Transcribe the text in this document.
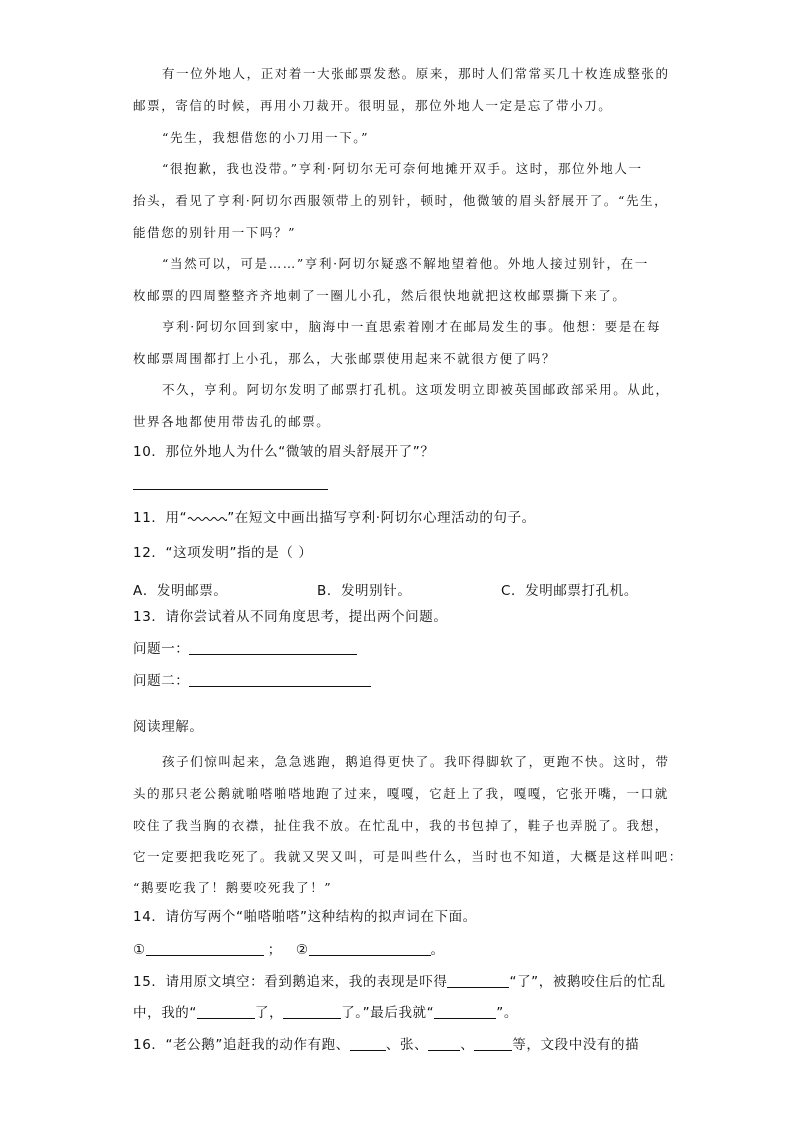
有一位外地人，正对着一大张邮票发愁。原来，那时人们常常买几十枚连成整张的
邮票，寄信的时候，再用小刀裁开。很明显，那位外地人一定是忘了带小刀。
“先生，我想借您的小刀用一下。”
“很抱歉，我也没带。”亨利·阿切尔无可奈何地摊开双手。这时，那位外地人一
抬头，看见了亨利·阿切尔西服领带上的别针，顿时，他微皱的眉头舒展开了。“先生，
能借您的别针用一下吗？”
“当然可以，可是……”亨利·阿切尔疑惑不解地望着他。外地人接过别针，在一
枚邮票的四周整整齐齐地刺了一圈儿小孔，然后很快地就把这枚邮票撕下来了。
亨利·阿切尔回到家中，脑海中一直思索着刚才在邮局发生的事。他想：要是在每
枚邮票周围都打上小孔，那么，大张邮票使用起来不就很方便了吗？
不久，亨利。阿切尔发明了邮票打孔机。这项发明立即被英国邮政部采用。从此，
世界各地都使用带齿孔的邮票。
10．那位外地人为什么“微皱的眉头舒展开了”？
11．用“	”在短文中画出描写亨利·阿切尔心理活动的句子。
12．“这项发明”指的是（ ）
A．发明邮票。	B．发明别针。	C．发明邮票打孔机。
13．请你尝试着从不同角度思考，提出两个问题。
问题一：
问题二：
阅读理解。
孩子们惊叫起来，急急逃跑，鹅追得更快了。我吓得脚软了，更跑不快。这时，带
头的那只老公鹅就啪嗒啪嗒地跑了过来，嘎嘎，它赶上了我，嘎嘎，它张开嘴，一口就
咬住了我当胸的衣襟，扯住我不放。在忙乱中，我的书包掉了，鞋子也弄脱了。我想，
它一定要把我吃死了。我就又哭又叫，可是叫些什么，当时也不知道，大概是这样叫吧：
“鹅要吃我了！鹅要咬死我了！”
14．请仿写两个“啪嗒啪嗒”这种结构的拟声词在下面。
①	； ②	。
15．请用原文填空：看到鹅追来，我的表现是吓得	“了”，被鹅咬住后的忙乱
中，我的“	了，	了。”最后我就“	”。
16．“老公鹅”追赶我的动作有跑、	、张、 、	等，文段中没有的描
